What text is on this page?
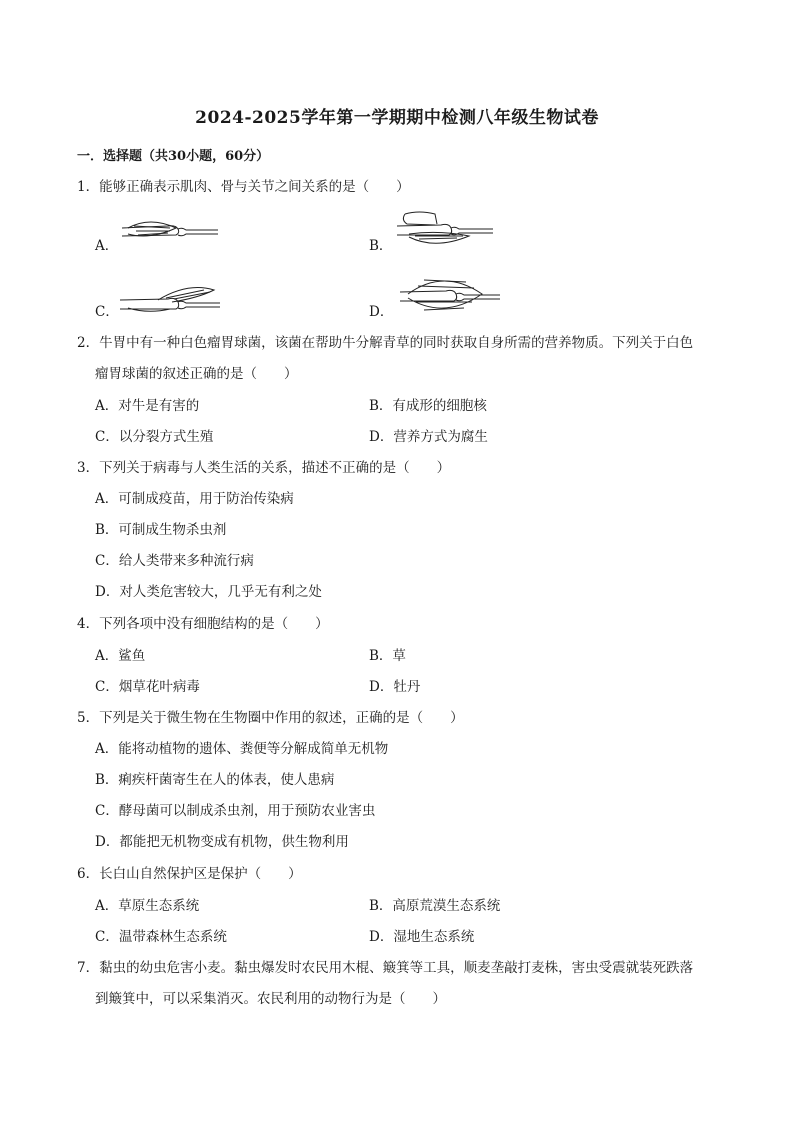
2024-2025学年第一学期期中检测八年级生物试卷
一．选择题（共30小题，60分）
1．能够正确表示肌肉、骨与关节之间关系的是（　　）
A．	B．
C．	D．
2．牛胃中有一种白色瘤胃球菌，该菌在帮助牛分解青草的同时获取自身所需的营养物质。下列关于白色
瘤胃球菌的叙述正确的是（　　）
A．对牛是有害的	B．有成形的细胞核
C．以分裂方式生殖	D．营养方式为腐生
3．下列关于病毒与人类生活的关系，描述不正确的是（　　）
A．可制成疫苗，用于防治传染病
B．可制成生物杀虫剂
C．给人类带来多种流行病
D．对人类危害较大，几乎无有利之处
4．下列各项中没有细胞结构的是（　　）
A．鲨鱼	B．草
C．烟草花叶病毒	D．牡丹
5．下列是关于微生物在生物圈中作用的叙述，正确的是（　　）
A．能将动植物的遗体、粪便等分解成简单无机物
B．痢疾杆菌寄生在人的体表，使人患病
C．酵母菌可以制成杀虫剂，用于预防农业害虫
D．都能把无机物变成有机物，供生物利用
6．长白山自然保护区是保护（　　）
A．草原生态系统	B．高原荒漠生态系统
C．温带森林生态系统	D．湿地生态系统
7．黏虫的幼虫危害小麦。黏虫爆发时农民用木棍、簸箕等工具，顺麦垄敲打麦株，害虫受震就装死跌落
到簸箕中，可以采集消灭。农民利用的动物行为是（　　）
